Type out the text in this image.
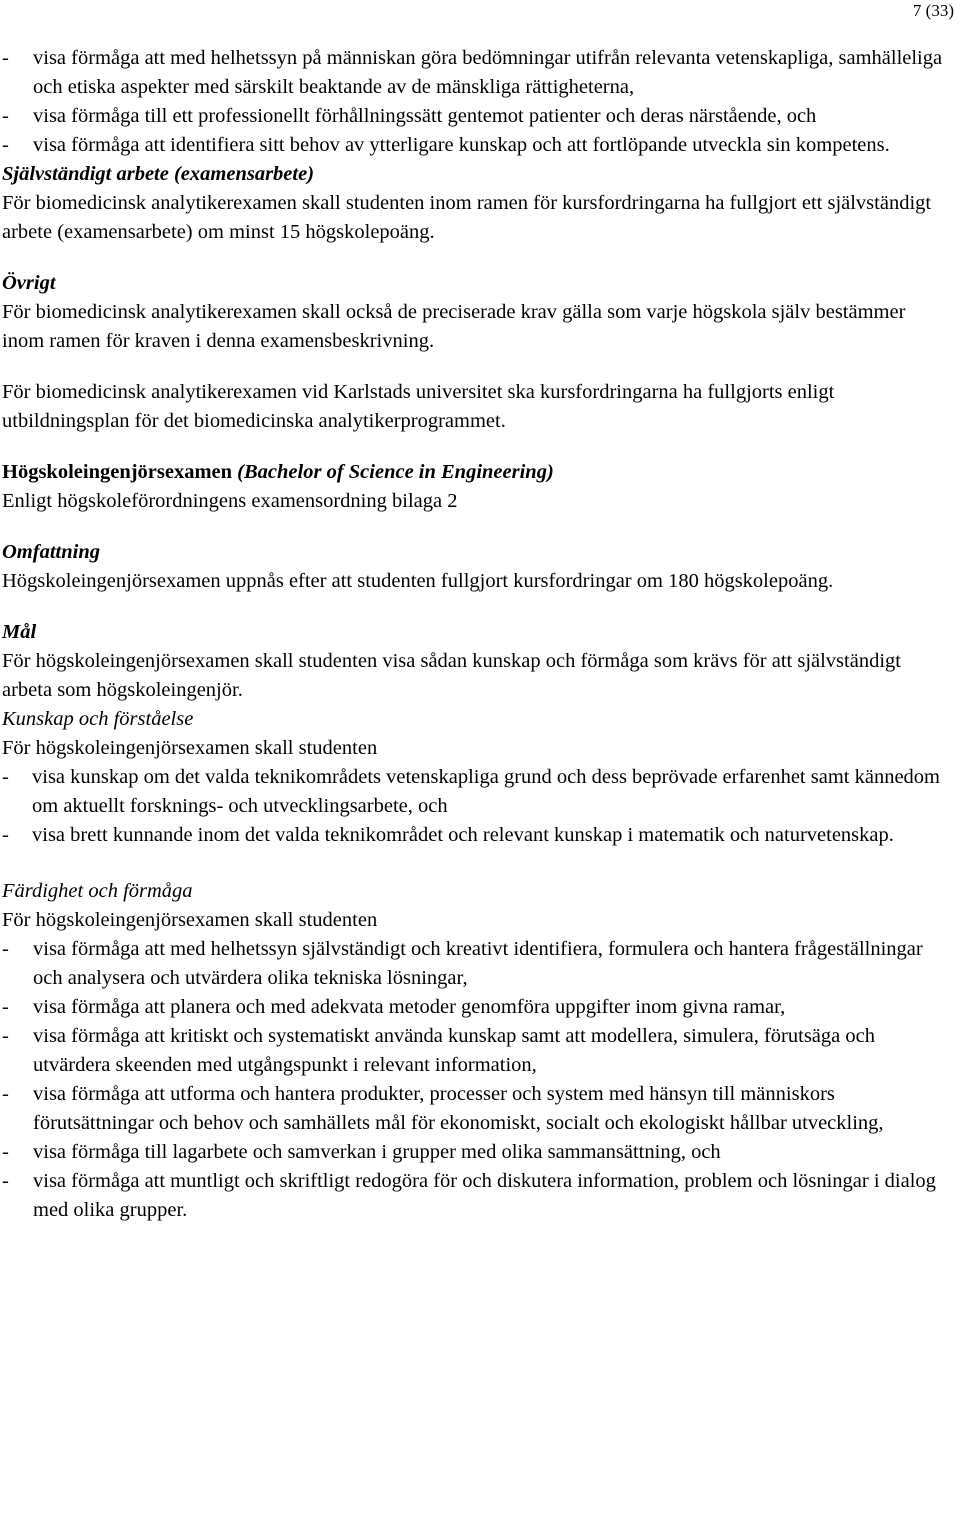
7 (33)
- visa förmåga att med helhetssyn på människan göra bedömningar utifrån relevanta vetenskapliga, samhälleliga och etiska aspekter med särskilt beaktande av de mänskliga rättigheterna,
- visa förmåga till ett professionellt förhållningssätt gentemot patienter och deras närstående, och
- visa förmåga att identifiera sitt behov av ytterligare kunskap och att fortlöpande utveckla sin kompetens.

Självständigt arbete (examensarbete)

För biomedicinsk analytikerexamen skall studenten inom ramen för kursfordringarna ha fullgjort ett självständigt arbete (examensarbete) om minst 15 högskolepoäng.

Övrigt

För biomedicinsk analytikerexamen skall också de preciserade krav gälla som varje högskola själv bestämmer inom ramen för kraven i denna examensbeskrivning.

För biomedicinsk analytikerexamen vid Karlstads universitet ska kursfordringarna ha fullgjorts enligt utbildningsplan för det biomedicinska analytikerprogrammet.

Högskoleingenjörsexamen (Bachelor of Science in Engineering)

Enligt högskoleförordningens examensordning bilaga 2

Omfattning

Högskoleingenjörsexamen uppnås efter att studenten fullgjort kursfordringar om 180 högskolepoäng.

Mål

För högskoleingenjörsexamen skall studenten visa sådan kunskap och förmåga som krävs för att självständigt arbeta som högskoleingenjör.

Kunskap och förståelse

För högskoleingenjörsexamen skall studenten

- visa kunskap om det valda teknikområdets vetenskapliga grund och dess beprövade erfarenhet samt kännedom om aktuellt forsknings- och utvecklingsarbete, och
- visa brett kunnande inom det valda teknikområdet och relevant kunskap i matematik och naturvetenskap.

Färdighet och förmåga

För högskoleingenjörsexamen skall studenten

- visa förmåga att med helhetssyn självständigt och kreativt identifiera, formulera och hantera frågeställningar och analysera och utvärdera olika tekniska lösningar,
- visa förmåga att planera och med adekvata metoder genomföra uppgifter inom givna ramar,
- visa förmåga att kritiskt och systematiskt använda kunskap samt att modellera, simulera, förutsäga och utvärdera skeenden med utgångspunkt i relevant information,
- visa förmåga att utforma och hantera produkter, processer och system med hänsyn till människors förutsättningar och behov och samhällets mål för ekonomiskt, socialt och ekologiskt hållbar utveckling,
- visa förmåga till lagarbete och samverkan i grupper med olika sammansättning, och
- visa förmåga att muntligt och skriftligt redogöra för och diskutera information, problem och lösningar i dialog med olika grupper.
